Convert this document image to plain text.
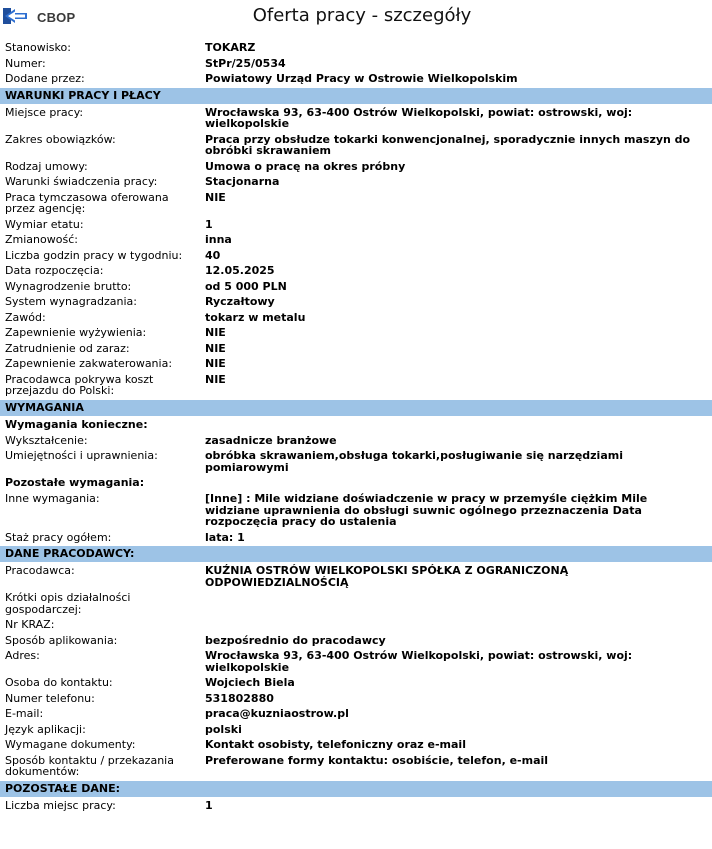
CBOP	Oferta pracy - szczegóły
Stanowisko:	TOKARZ
Numer:	StPr/25/0534
Dodane przez:	Powiatowy Urząd Pracy w Ostrowie Wielkopolskim
WARUNKI PRACY I PŁACY
Miejsce pracy:	Wrocławska 93, 63-400 Ostrów Wielkopolski, powiat: ostrowski, woj: wielkopolskie
Zakres obowiązków:	Praca przy obsłudze tokarki konwencjonalnej, sporadycznie innych maszyn do obróbki skrawaniem
Rodzaj umowy:	Umowa o pracę na okres próbny
Warunki świadczenia pracy:	Stacjonarna
Praca tymczasowa oferowana przez agencję:
NIE
Wymiar etatu:	1
Zmianowość:	inna
Liczba godzin pracy w tygodniu:	40
Data rozpoczęcia:	12.05.2025
Wynagrodzenie brutto:	od 5 000 PLN
System wynagradzania:	Ryczałtowy
Zawód:	tokarz w metalu
Zapewnienie wyżywienia:	NIE
Zatrudnienie od zaraz:	NIE
Zapewnienie zakwaterowania:	NIE
Pracodawca pokrywa koszt przejazdu do Polski:
NIE
WYMAGANIA
Wymagania konieczne:
Wykształcenie:	zasadnicze branżowe
Umiejętności i uprawnienia:	obróbka skrawaniem,obsługa tokarki,posługiwanie się narzędziami pomiarowymi
Pozostałe wymagania:
Inne wymagania:	[Inne] : Mile widziane doświadczenie w pracy w przemyśle ciężkim Mile widziane uprawnienia do obsługi suwnic ogólnego przeznaczenia Data rozpoczęcia pracy do ustalenia
Staż pracy ogółem:	lata: 1
DANE PRACODAWCY:
Pracodawca:	KUŹNIA OSTRÓW WIELKOPOLSKI SPÓŁKA Z OGRANICZONĄ ODPOWIEDZIALNOŚCIĄ
Krótki opis działalności gospodarczej:
Nr KRAZ:
Sposób aplikowania:	bezpośrednio do pracodawcy
Adres:	Wrocławska 93, 63-400 Ostrów Wielkopolski, powiat: ostrowski, woj: wielkopolskie
Osoba do kontaktu:	Wojciech Biela
Numer telefonu:	531802880
E-mail:	praca@kuzniaostrow.pl
Język aplikacji:	polski
Wymagane dokumenty:	Kontakt osobisty, telefoniczny oraz e-mail
Sposób kontaktu / przekazania dokumentów:
Preferowane formy kontaktu: osobiście, telefon, e-mail
POZOSTAŁE DANE:
Liczba miejsc pracy:	1
